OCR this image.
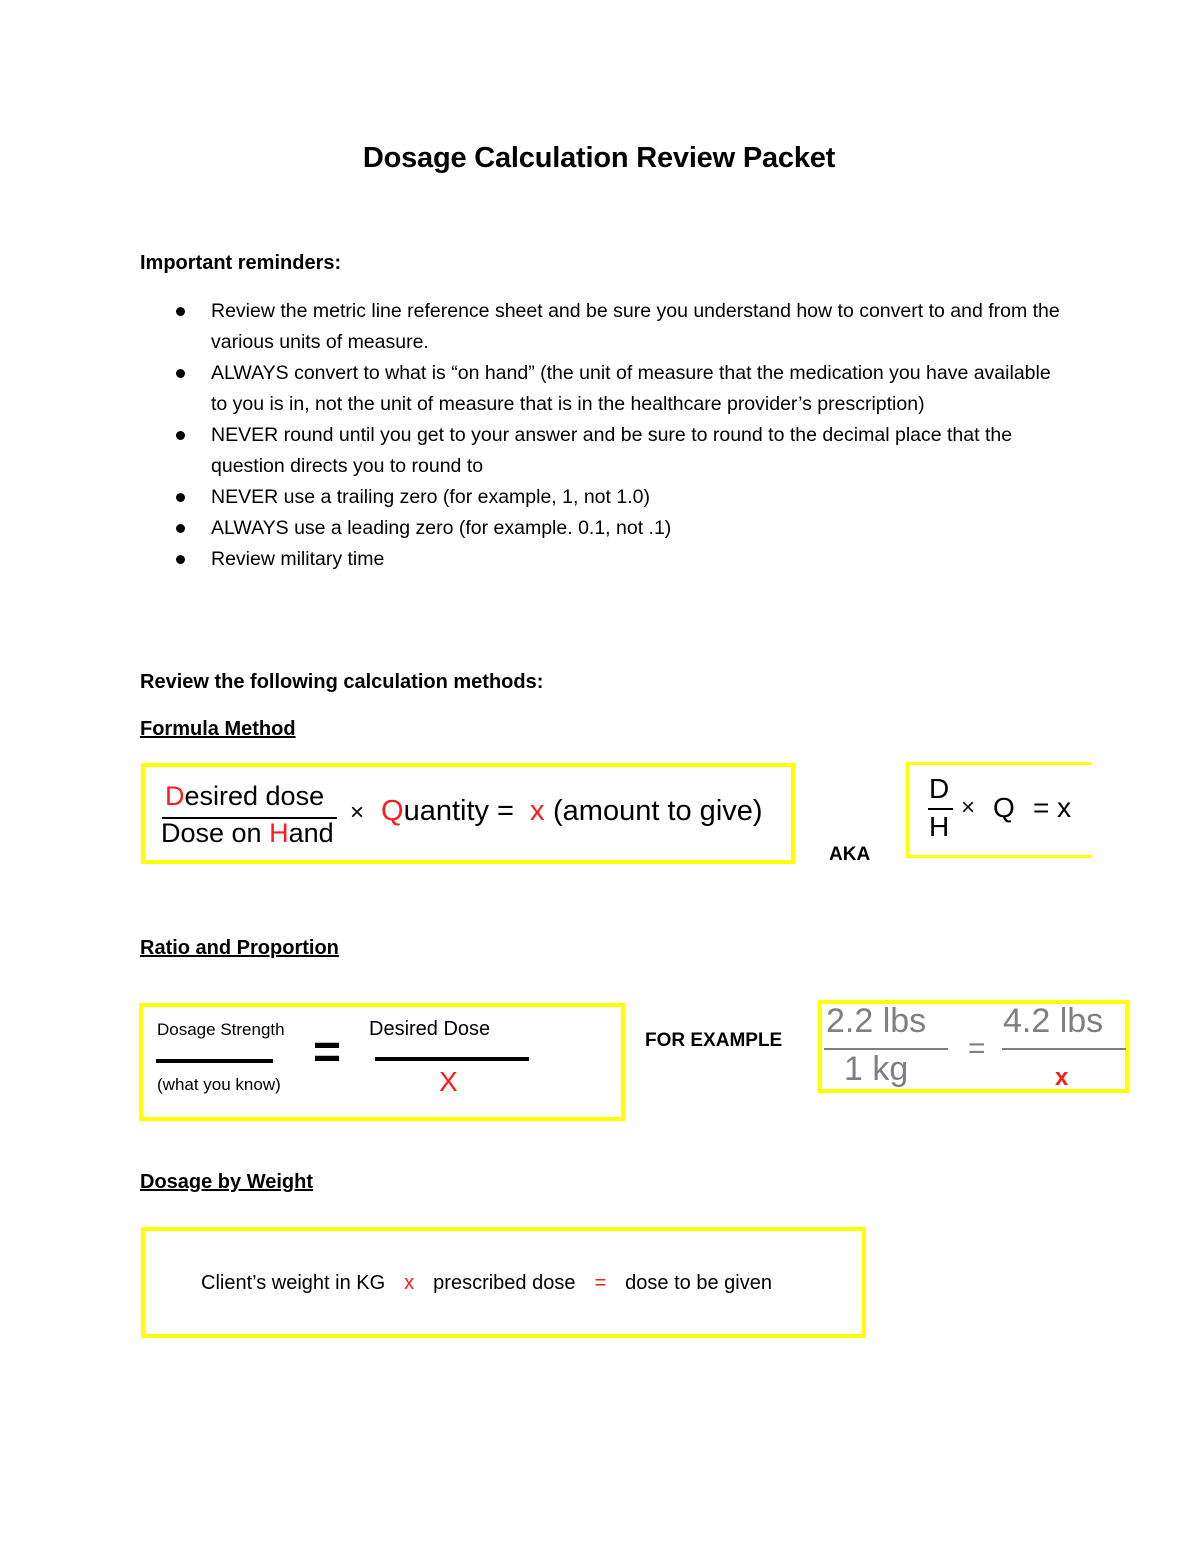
Dosage Calculation Review Packet
Important reminders:
Review the metric line reference sheet and be sure you understand how to convert to and from the various units of measure.
ALWAYS convert to what is “on hand” (the unit of measure that the medication you have available to you is in, not the unit of measure that is in the healthcare provider’s prescription)
NEVER round until you get to your answer and be sure to round to the decimal place that the question directs you to round to
NEVER use a trailing zero (for example, 1, not 1.0)
ALWAYS use a leading zero (for example. 0.1, not .1)
Review military time
Review the following calculation methods:
Formula Method
Desired dose
Dose on Hand
× Quantity = x (amount to give)
AKA
D
H
× Q = x
Ratio and Proportion
Dosage Strength
(what you know)
= Desired Dose
X
FOR EXAMPLE
2.2 lbs
1 kg
=
4.2 lbs
x
Dosage by Weight
Client’s weight in KG x prescribed dose = dose to be given
